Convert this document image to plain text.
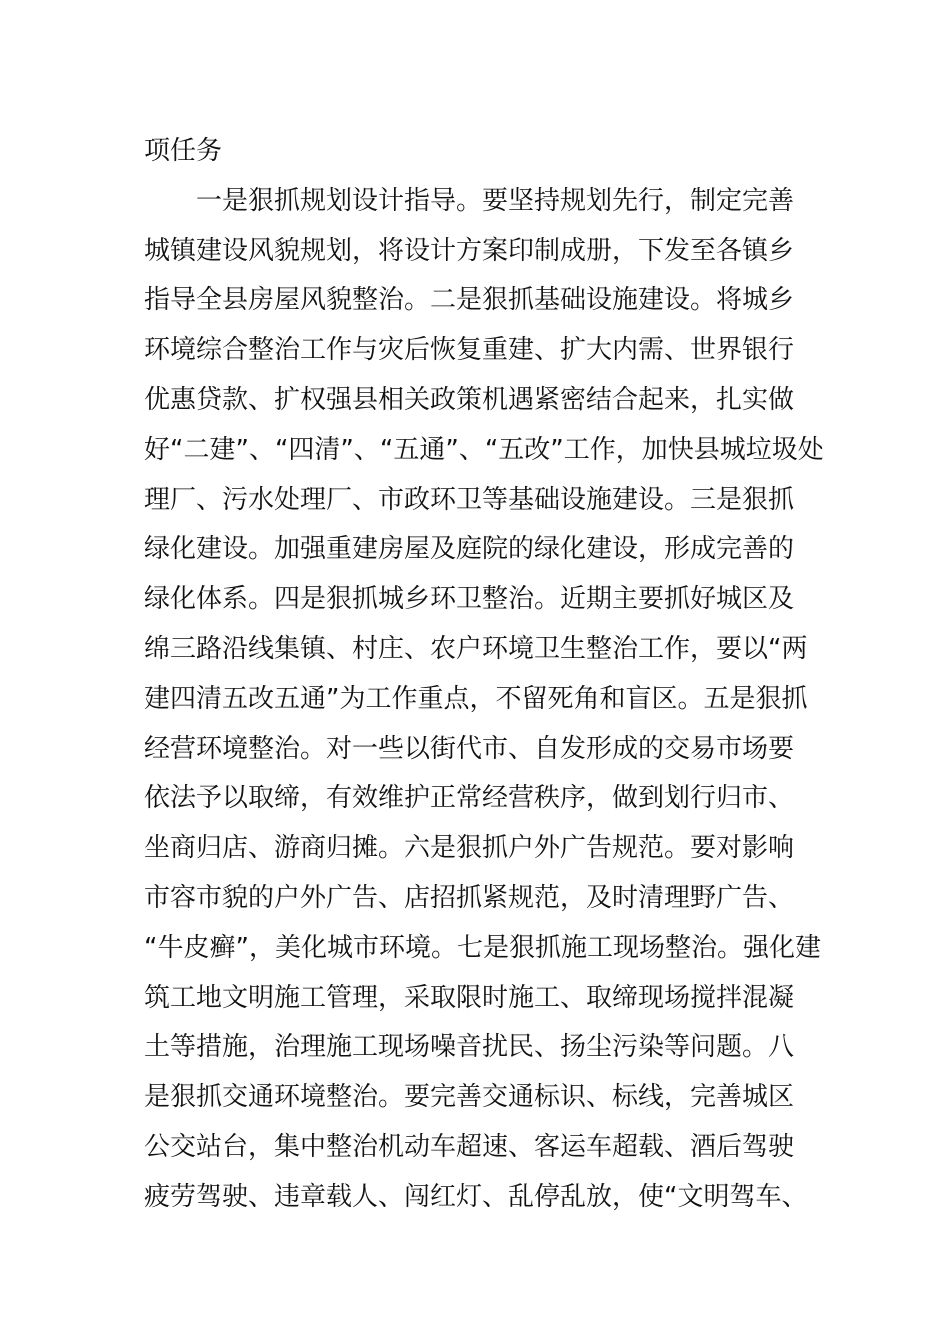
项任务
　　一是狠抓规划设计指导。要坚持规划先行，制定完善
城镇建设风貌规划，将设计方案印制成册，下发至各镇乡
指导全县房屋风貌整治。二是狠抓基础设施建设。将城乡
环境综合整治工作与灾后恢复重建、扩大内需、世界银行
优惠贷款、扩权强县相关政策机遇紧密结合起来，扎实做
好“二建”、“四清”、“五通”、“五改”工作，加快县城垃圾处
理厂、污水处理厂、市政环卫等基础设施建设。三是狠抓
绿化建设。加强重建房屋及庭院的绿化建设，形成完善的
绿化体系。四是狠抓城乡环卫整治。近期主要抓好城区及
绵三路沿线集镇、村庄、农户环境卫生整治工作，要以“两
建四清五改五通”为工作重点，不留死角和盲区。五是狠抓
经营环境整治。对一些以街代市、自发形成的交易市场要
依法予以取缔，有效维护正常经营秩序，做到划行归市、
坐商归店、游商归摊。六是狠抓户外广告规范。要对影响
市容市貌的户外广告、店招抓紧规范，及时清理野广告、
“牛皮癣”，美化城市环境。七是狠抓施工现场整治。强化建
筑工地文明施工管理，采取限时施工、取缔现场搅拌混凝
土等措施，治理施工现场噪音扰民、扬尘污染等问题。八
是狠抓交通环境整治。要完善交通标识、标线，完善城区
公交站台，集中整治机动车超速、客运车超载、酒后驾驶
疲劳驾驶、违章载人、闯红灯、乱停乱放，使“文明驾车、
